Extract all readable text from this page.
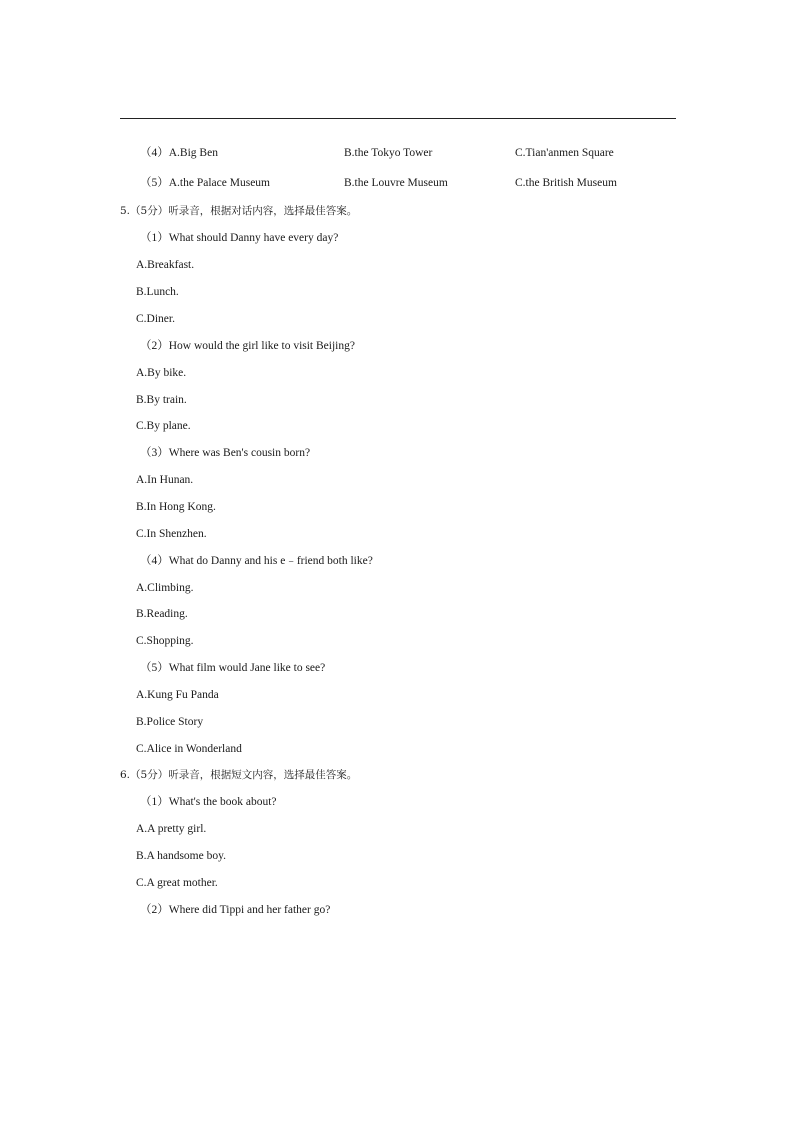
（4）A.Big Ben	B.the Tokyo Tower	C.Tian'anmen Square
（5）A.the Palace Museum	B.the Louvre Museum	C.the British Museum
5.（5分）听录音，根据对话内容，选择最佳答案。
（1）What should Danny have every day?
A.Breakfast.
B.Lunch.
C.Diner.
（2）How would the girl like to visit Beijing?
A.By bike.
B.By train.
C.By plane.
（3）Where was Ben's cousin born?
A.In Hunan.
B.In Hong Kong.
C.In Shenzhen.
（4）What do Danny and his e﹣friend both like?
A.Climbing.
B.Reading.
C.Shopping.
（5）What film would Jane like to see?
A.Kung Fu Panda
B.Police Story
C.Alice in Wonderland
6.（5分）听录音，根据短文内容，选择最佳答案。
（1）What's the book about?
A.A pretty girl.
B.A handsome boy.
C.A great mother.
（2）Where did Tippi and her father go?
